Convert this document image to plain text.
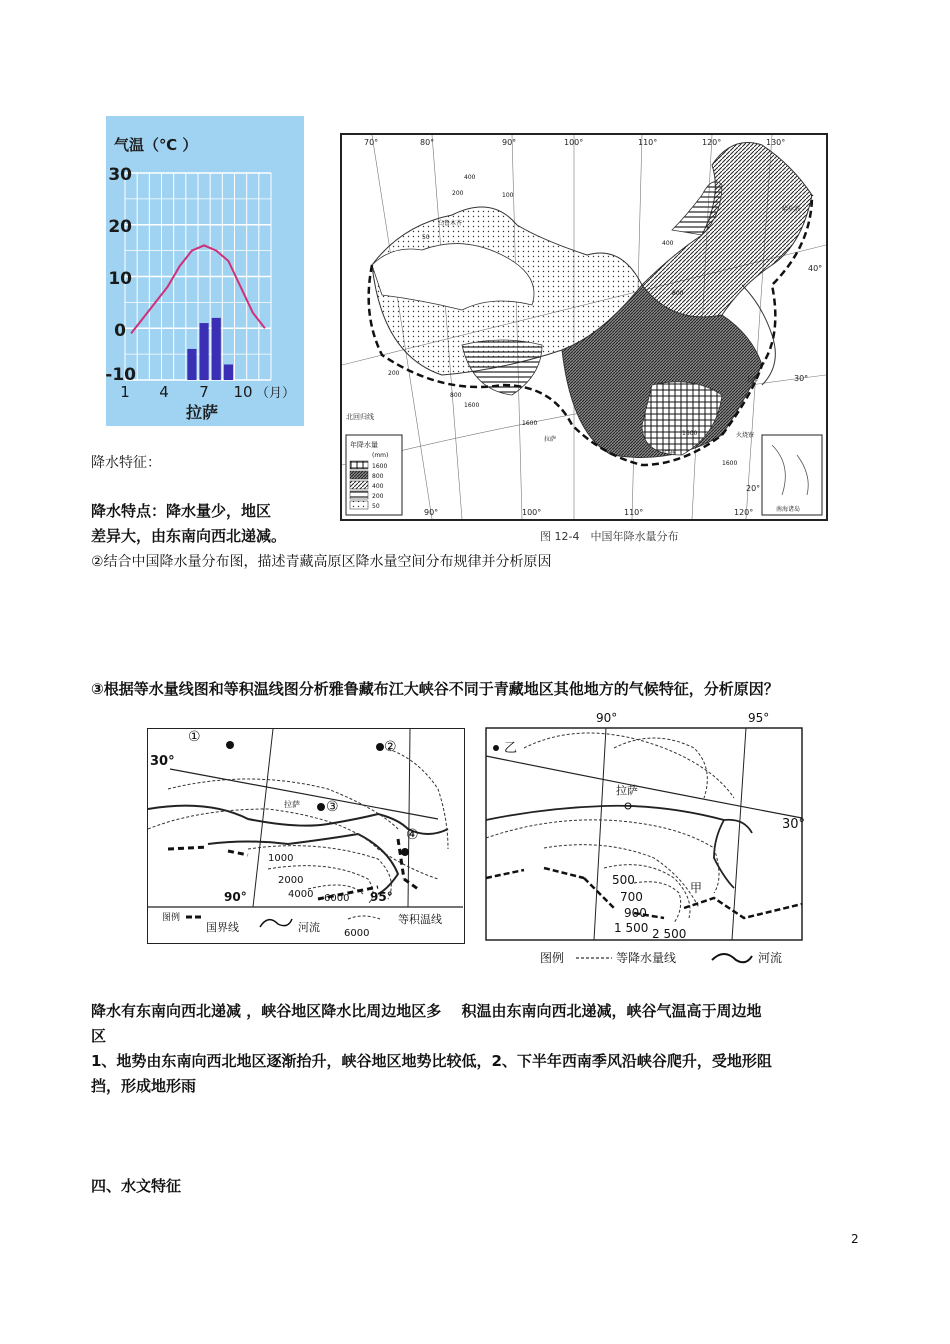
气温（℃ ）
30
20
10
0
-10
1 4 7 10 （月）
拉萨
年降水量
(mm)
1600
800
400
200
50	南海诸岛
70°	80°	90°	100°	110°	120°	130°
90°	100°	110°	120°
40°
30°
20°
北回归线
400
200	100
50
1600
1600
800
800
400
200
1600
1600
乌鲁木齐
哈尔滨
上海
火烧寮
广州
拉萨
图 12-4　中国年降水量分布
降水特征：
降水特点：降水量少，地区
差异大，由东南向西北递减。
②结合中国降水量分布图，描述青藏高原区降水量空间分布规律并分析原因
③根据等水量线图和等积温线图分析雅鲁藏布江大峡谷不同于青藏地区其他地方的气候特征，分析原因？
①
②
③
④
30°
90°	95°
拉萨
1000
2000
4000 6000
图例
国界线	河流 6000
等积温线
乙
90°	95°
30°
拉萨
甲
500
700
900
1 500 2 500
图例	等降水量线	河流
降水有东南向西北递减 ，峡谷地区降水比周边地区多　 积温由东南向西北递减，峡谷气温高于周边地
区
1、地势由东南向西北地区逐渐抬升，峡谷地区地势比较低，2、下半年西南季风沿峡谷爬升，受地形阻
挡，形成地形雨
四、水文特征
2
